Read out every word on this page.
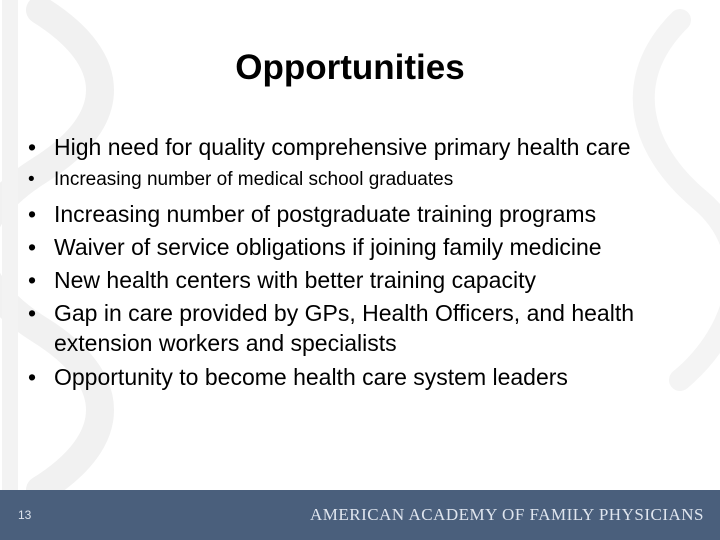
Opportunities
• High need for quality comprehensive primary health care
• Increasing number of medical school graduates
• Increasing number of postgraduate training programs
• Waiver of service obligations if joining family medicine
• New health centers with better training capacity
• Gap in care provided by GPs, Health Officers, and health extension workers and specialists
• Opportunity to become health care system leaders
13	AMERICAN ACADEMY OF FAMILY PHYSICIANS
